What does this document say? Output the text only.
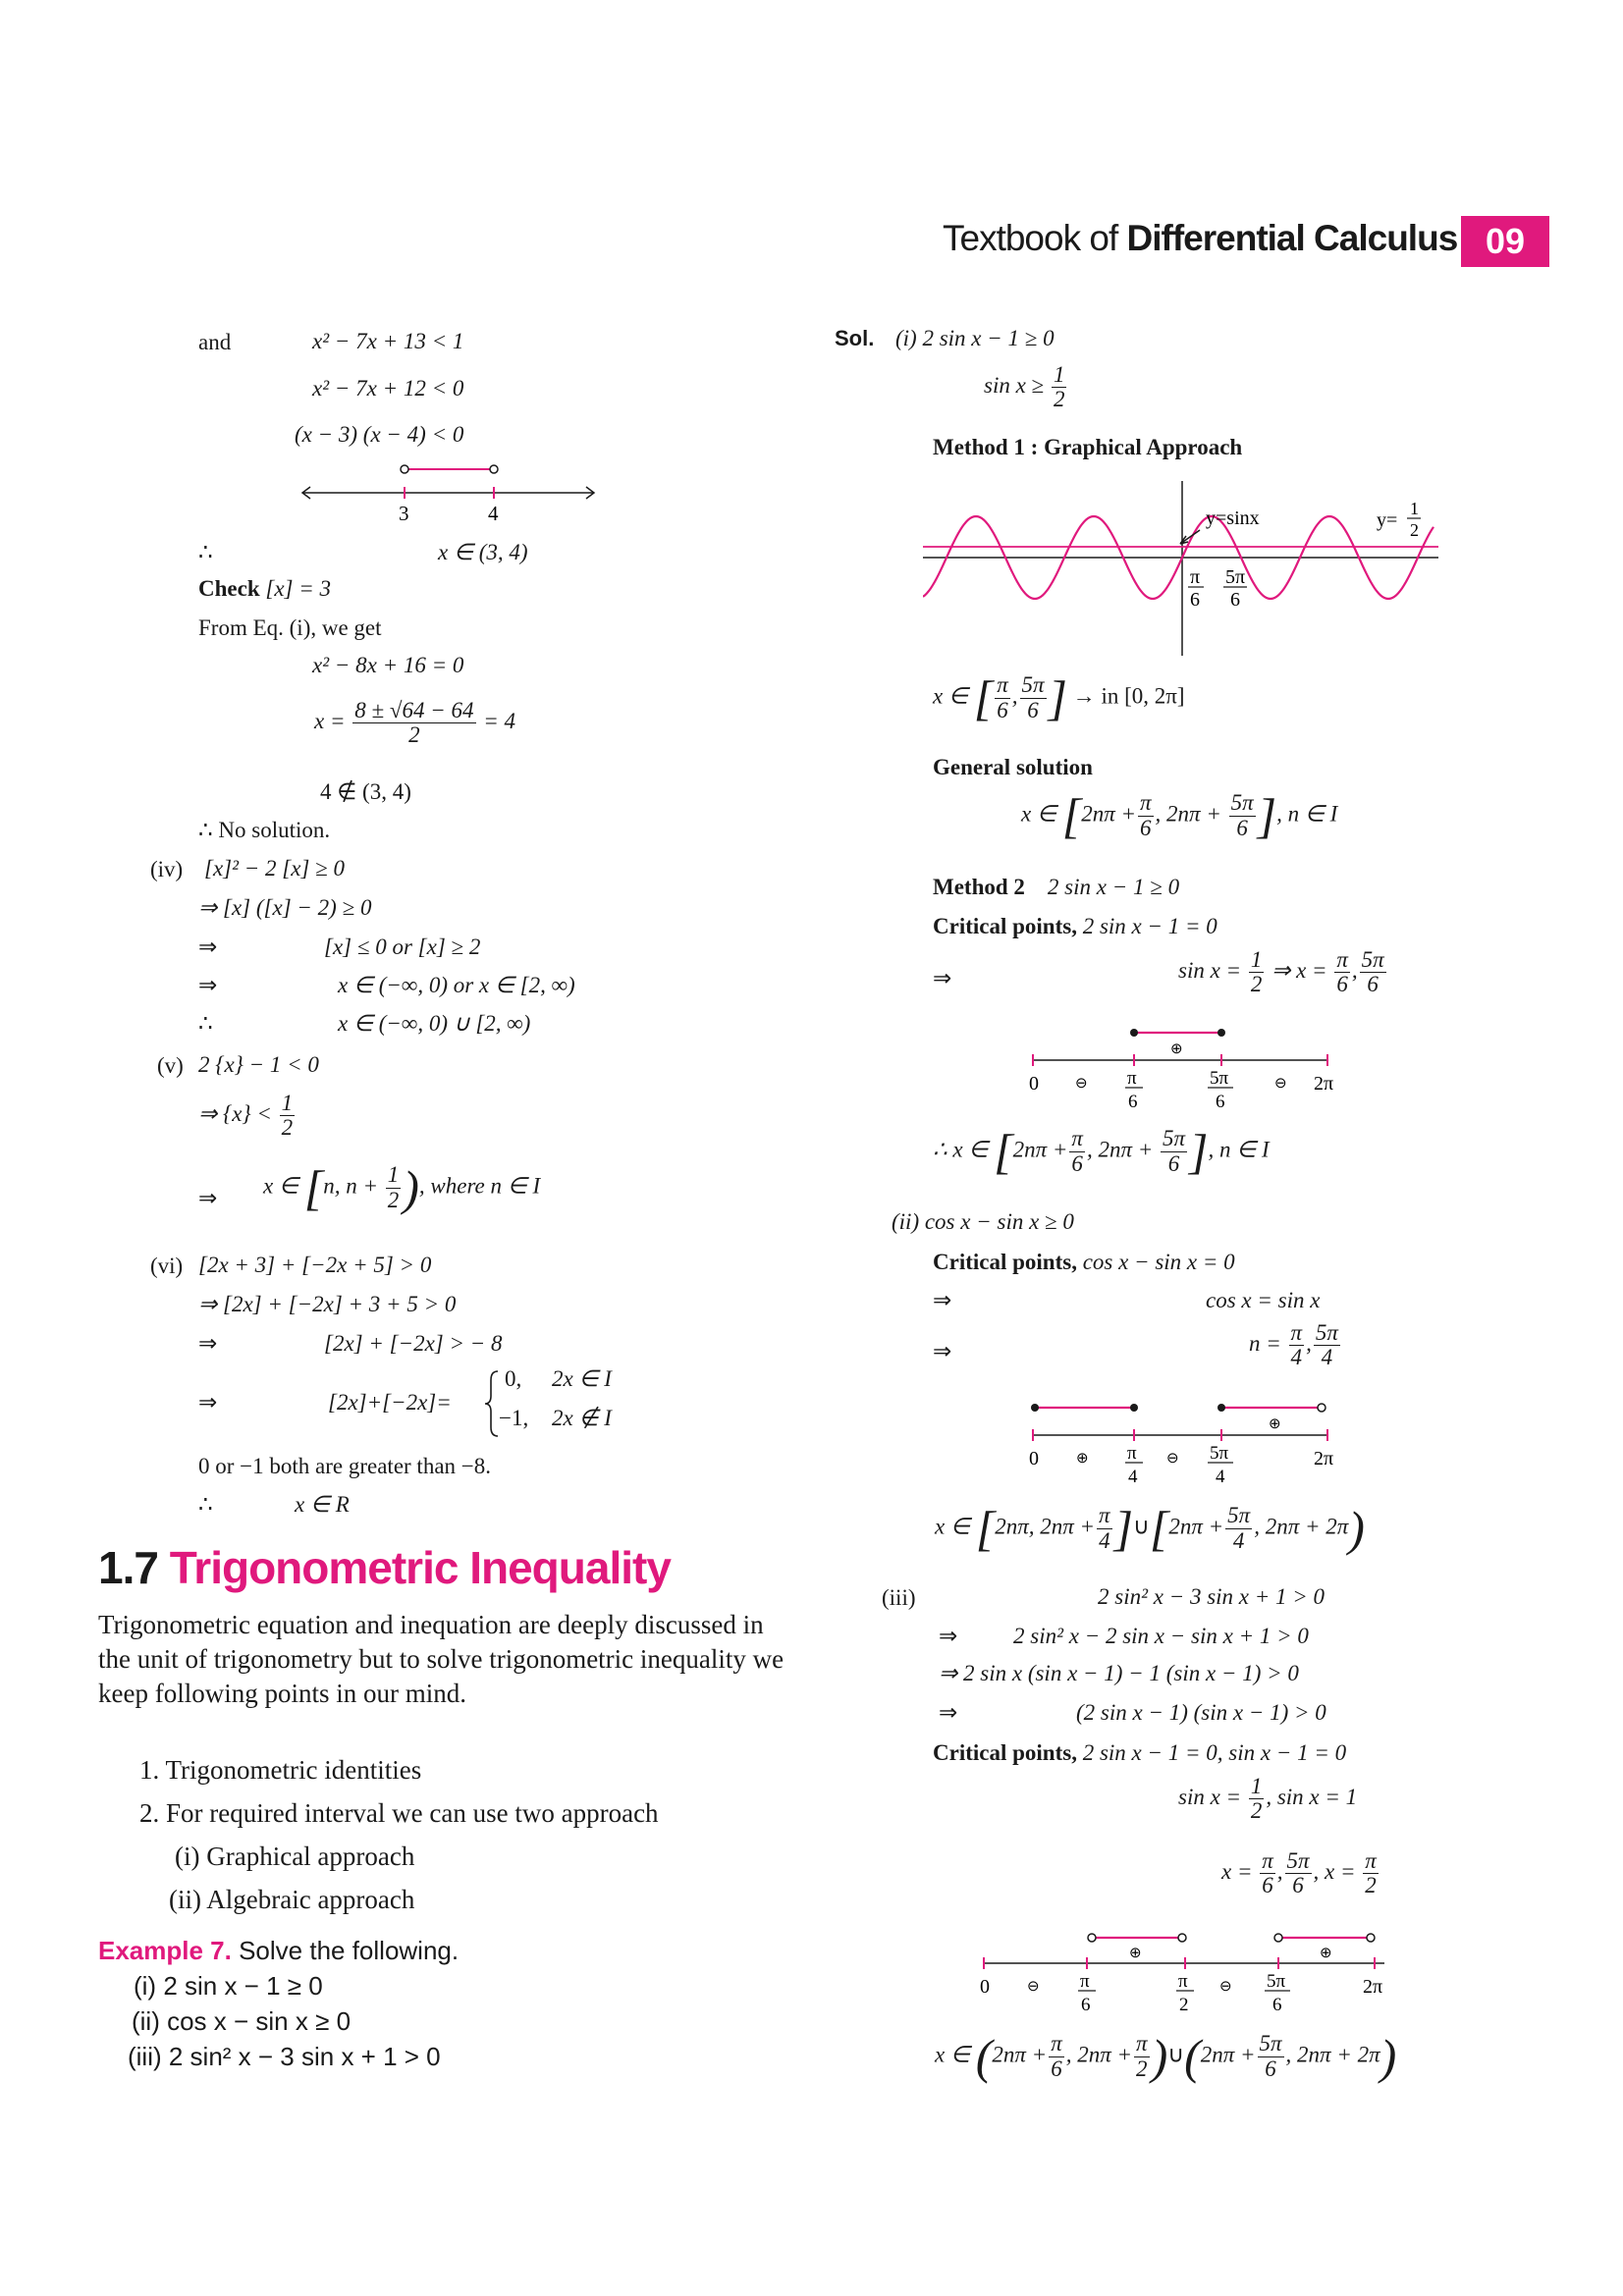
Textbook of Differential Calculus 09
and	x² − 7x + 13 < 1
x² − 7x + 12 < 0
(x − 3) (x − 4) < 0
3	4
∴	x ∈ (3, 4)
Check [x] = 3
From Eq. (i), we get
x² − 8x + 16 = 0
$x = \frac{8 \pm √64 - 64}{2} = 4$
4 ∉ (3, 4)
∴ No solution.
(iv) [x]² − 2 [x] ≥ 0
⇒ [x] ([x] − 2) ≥ 0
⇒	[x] ≤ 0 or [x] ≥ 2
⇒	x ∈ (−∞, 0) or x ∈ [2, ∞)
∴	x ∈ (−∞, 0) ∪ [2, ∞)
(v) 2 {x} − 1 < 0
⇒ $\{x\} < \frac{1}{2}$
⇒
x ∈ [n, $n + \frac{1}{2}$ ), where n ∈ I
(vi) [2x + 3] + [−2x + 5] > 0
⇒ [2x] + [−2x] + 3 + 5 > 0
⇒	[2x] + [−2x] > − 8
⇒	[2x]+[−2x]=
0, 2x ∈ I
−1, 2x ∉ I
0 or −1 both are greater than −8.
∴	x ∈ R
1.7 Trigonometric Inequality
Trigonometric equation and inequation are deeply discussed in the unit of trigonometry but to solve trigonometric inequality we keep following points in our mind.
1. Trigonometric identities
2. For required interval we can use two approach
(i) Graphical approach
(ii) Algebraic approach
Example 7. Solve the following.
(i) 2 sin x − 1 ≥ 0
(ii) cos x − sin x ≥ 0
(iii) 2 sin² x − 3 sin x + 1 > 0
Sol. (i) 2 sin x − 1 ≥ 0
$\sin x \ge \frac{1}{2}$
Method 1 : Graphical Approach
y=sinx	y=
1
2
π
6
5π
6
x ∈ [ $\frac{\pi}{6}$ , $\frac{5\pi}{6}$ ] → in [0, 2π]
General solution
x ∈ [$2n\pi + \frac{\pi}{6}$ , $2n\pi + \frac{5\pi}{6}$ ], n ∈ I
Method 2 2 sin x − 1 ≥ 0
Critical points, 2 sin x − 1 = 0
⇒	$\sin x = \frac{1}{2}$ ⇒ $x = \frac{\pi}{6}$ , $\frac{5\pi}{6}$
⊕
0 ⊖ π
6
5π
6
⊖ 2π
∴ x ∈ [$2n\pi + \frac{\pi}{6}$ , $2n\pi + \frac{5\pi}{6}$ ], n ∈ I
(ii) cos x − sin x ≥ 0
Critical points, cos x − sin x = 0
⇒	cos x = sin x
⇒	$n = \frac{\pi}{4}$ , $\frac{5\pi}{4}$
⊕
0	⊕ π
4
⊖ 5π
4
2π
x ∈ [2nπ, $2n\pi + \frac{\pi}{4}$ ]∪[2nπ + $\frac{5\pi}{4}$ , 2nπ + 2π)
(iii)	2 sin² x − 3 sin x + 1 > 0
⇒ 2 sin² x − 2 sin x − sin x + 1 > 0
⇒ 2 sin x (sin x − 1) − 1 (sin x − 1) > 0
⇒	(2 sin x − 1) (sin x − 1) > 0
Critical points, 2 sin x − 1 = 0, sin x − 1 = 0
$\sin x = \frac{1}{2}$ , sin x = 1
$x = \frac{\pi}{6}$ , $\frac{5\pi}{6}$ , $x = \frac{\pi}{2}$
⊕	⊕
0	⊖ π
6
π
2
⊖ 5π
6
2π
x ∈ ($2n\pi + \frac{\pi}{6}$ , $2n\pi + \frac{\pi}{2}$ )∪(2nπ + $\frac{5\pi}{6}$ , 2nπ + 2π)
